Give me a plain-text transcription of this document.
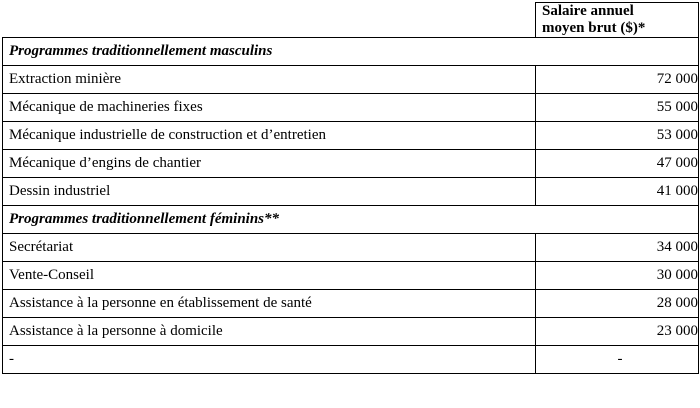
	Salaire annuel
moyen brut ($)*

Programmes traditionnellement masculins	
Extraction minière	72 000
Mécanique de machineries fixes	55 000
Mécanique industrielle de construction et d’entretien	53 000
Mécanique d’engins de chantier	47 000
Dessin industriel	41 000
Programmes traditionnellement féminins**	
Secrétariat	34 000
Vente-Conseil	30 000
Assistance à la personne en établissement de santé	28 000
Assistance à la personne à domicile	23 000
-	-
